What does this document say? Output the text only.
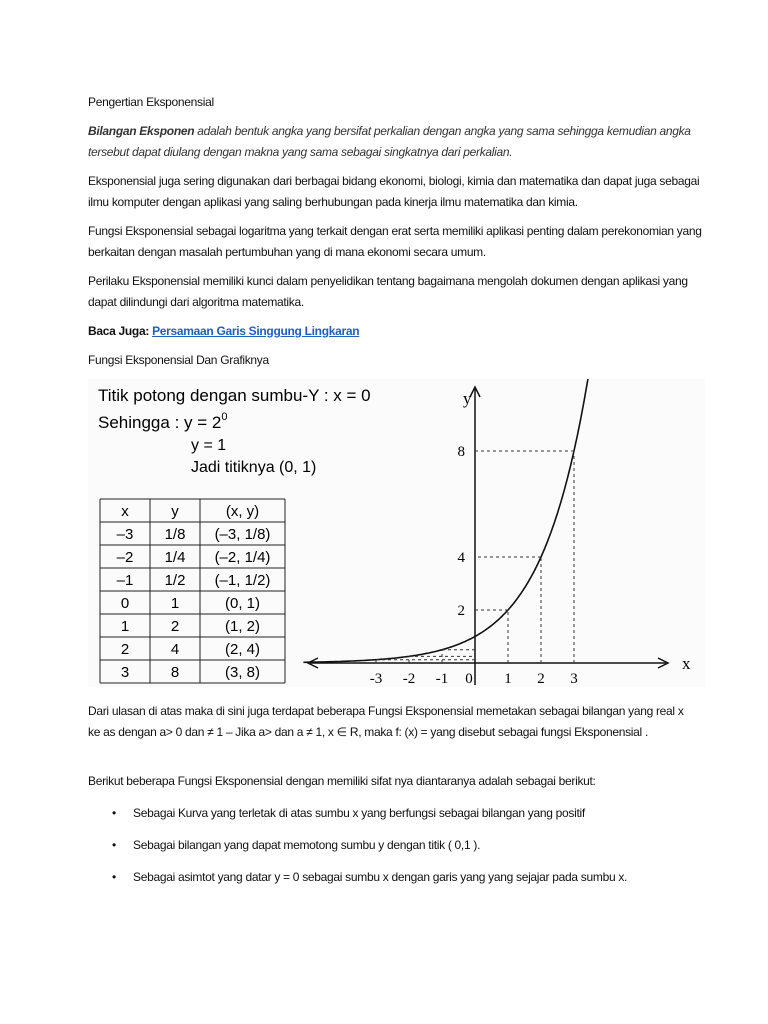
Pengertian Eksponensial

Bilangan Eksponen adalah bentuk angka yang bersifat perkalian dengan angka yang sama sehingga kemudian angka tersebut dapat diulang dengan makna yang sama sebagai singkatnya dari perkalian.

Eksponensial juga sering digunakan dari berbagai bidang ekonomi, biologi, kimia dan matematika dan dapat juga sebagai ilmu komputer dengan aplikasi yang saling berhubungan pada kinerja ilmu matematika dan kimia.

Fungsi Eksponensial sebagai logaritma yang terkait dengan erat serta memiliki aplikasi penting dalam perekonomian yang berkaitan dengan masalah pertumbuhan yang di mana ekonomi secara umum.

Perilaku Eksponensial memiliki kunci dalam penyelidikan tentang bagaimana mengolah dokumen dengan aplikasi yang dapat dilindungi dari algoritma matematika.

Baca Juga: Persamaan Garis Singgung Lingkaran

Fungsi Eksponensial Dan Grafiknya

Titik potong dengan sumbu-Y : x = 0
Sehingga : $y = 2^0$
y = 1
Jadi titiknya (0, 1)
x	y	(x, y)
–3 1/8 (–3, 1/8)
–2 1/4 (–2, 1/4)
–1 1/2 (–1, 1/2)
0	1	(0, 1)
1	2	(1, 2)
2	4	(2, 4)
3	8	(3, 8)	x
y
-3 -2 -1 0 1 2 3
2
4
8

Dari ulasan di atas maka di sini juga terdapat beberapa Fungsi Eksponensial memetakan sebagai bilangan yang real x ke as dengan a> 0 dan ≠ 1 – Jika a> dan a ≠ 1, x ∈ R, maka f: (x) = yang disebut sebagai fungsi Eksponensial .

Berikut beberapa Fungsi Eksponensial dengan memiliki sifat nya diantaranya adalah sebagai berikut:

• Sebagai Kurva yang terletak di atas sumbu x yang berfungsi sebagai bilangan yang positif
• Sebagai bilangan yang dapat memotong sumbu y dengan titik ( 0,1 ).
• Sebagai asimtot yang datar y = 0 sebagai sumbu x dengan garis yang yang sejajar pada sumbu x.
